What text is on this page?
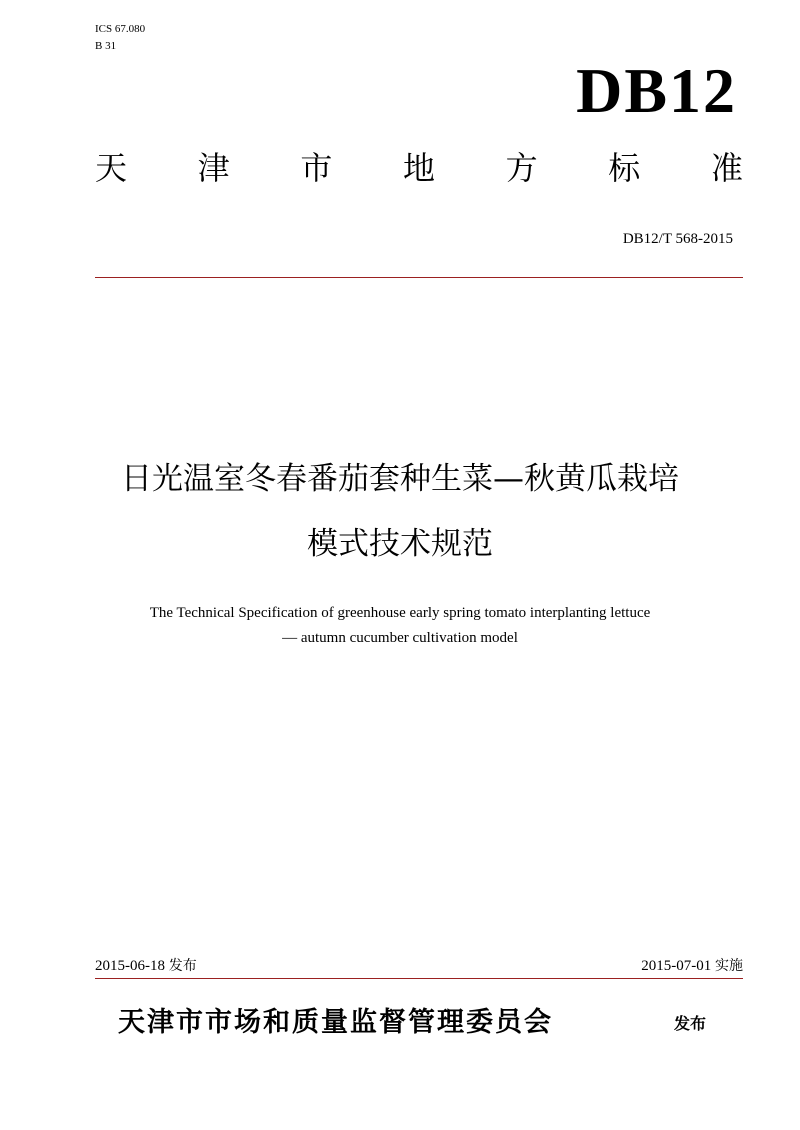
ICS 67.080
B 31
DB12
天 津 市 地 方 标 准
DB12/T 568-2015
日光温室冬春番茄套种生菜—秋黄瓜栽培
模式技术规范
The Technical Specification of greenhouse early spring tomato interplanting lettuce
— autumn cucumber cultivation model
2015-06-18 发布	2015-07-01 实施
天津市市场和质量监督管理委员会	发布
